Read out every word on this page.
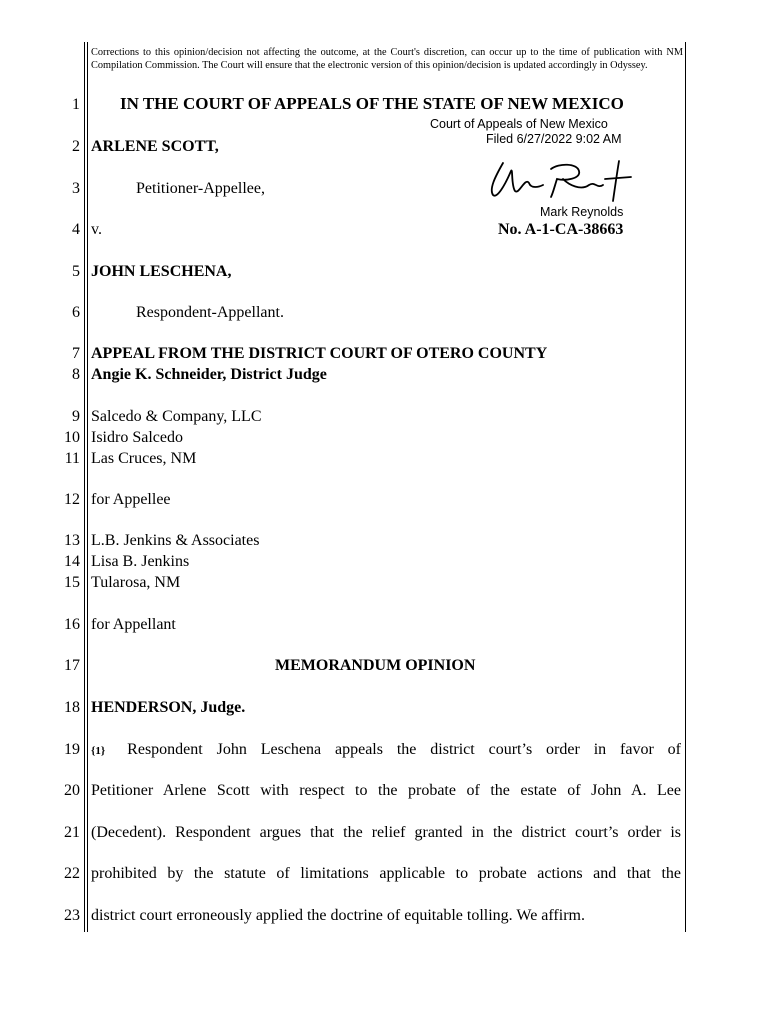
Corrections to this opinion/decision not affecting the outcome, at the Court's discretion, can occur up to the time of publication with NM Compilation Commission. The Court will ensure that the electronic version of this opinion/decision is updated accordingly in Odyssey.
1
2
3
4
5
6
7
8
9
10
11
12
13
14
15
16
17
18
19
20
21
22
23
IN THE COURT OF APPEALS OF THE STATE OF NEW MEXICO
Court of Appeals of New Mexico
Filed 6/27/2022 9:02 AM
Mark Reynolds
ARLENE SCOTT,
Petitioner-Appellee,
v.	No. A-1-CA-38663
JOHN LESCHENA,
Respondent-Appellant.
APPEAL FROM THE DISTRICT COURT OF OTERO COUNTY
Angie K. Schneider, District Judge
Salcedo & Company, LLC
Isidro Salcedo
Las Cruces, NM
for Appellee
L.B. Jenkins & Associates
Lisa B. Jenkins
Tularosa, NM
for Appellant
MEMORANDUM OPINION
HENDERSON, Judge.
{1} Respondent John Leschena appeals the district court’s order in favor of
Petitioner Arlene Scott with respect to the probate of the estate of John A. Lee
(Decedent). Respondent argues that the relief granted in the district court’s order is
prohibited by the statute of limitations applicable to probate actions and that the
district court erroneously applied the doctrine of equitable tolling. We affirm.
